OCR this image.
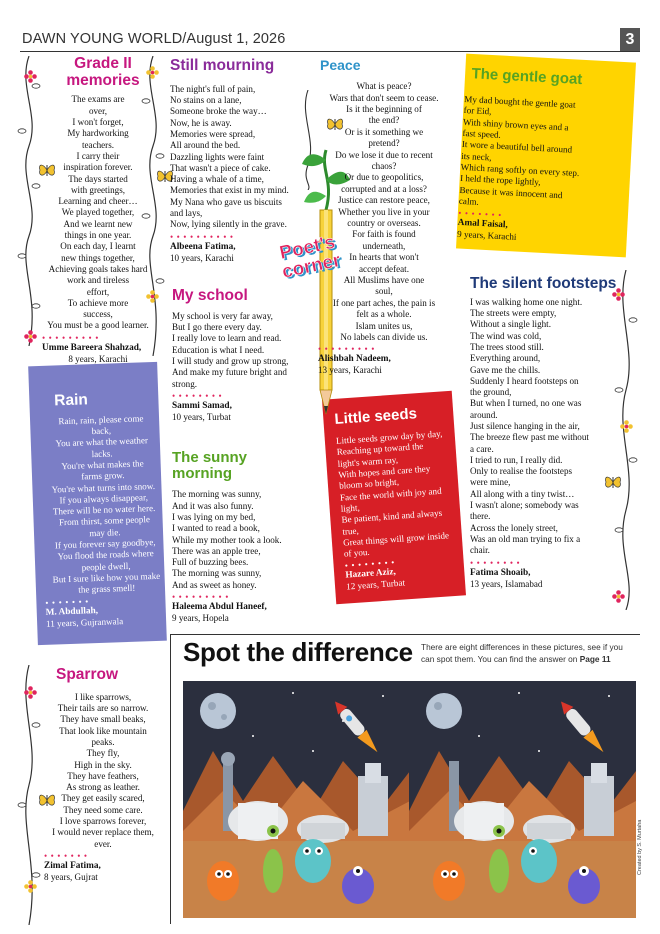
DAWN YOUNG WORLD/August 1, 2026	3
Poet's corner
Grade II memories
The exams are
over,
I won't forget,
My hardworking
teachers.
I carry their
inspiration forever.
The days started
with greetings,
Learning and cheer…
We played together,
And we learnt new
things in one year.
On each day, I learnt
new things together,
Achieving goals takes hard
work and tireless
effort,
To achieve more
success,
You must be a good learner.
•••••••••
Umme Bareera Shahzad,
8 years, Karachi
Still mourning
The night's full of pain,
No stains on a lane,
Someone broke the way…
Now, he is away.
Memories were spread,
All around the bed.
Dazzling lights were faint
That wasn't a piece of cake.
Having a whale of a time,
Memories that exist in my mind.
My Nana who gave us biscuits
and lays,
Now, lying silently in the grave.
••••••••••
Albeena Fatima,
10 years, Karachi
My school
My school is very far away,
But I go there every day.
I really love to learn and read.
Education is what I need.
I will study and grow up strong,
And make my future bright and strong.
••••••••
Sammi Samad,
10 years, Turbat
The sunny morning
The morning was sunny,
And it was also funny.
I was lying on my bed,
I wanted to read a book,
While my mother took a look.
There was an apple tree,
Full of buzzing bees.
The morning was sunny,
And as sweet as honey.
•••••••••
Haleema Abdul Haneef,
9 years, Hopela
Peace
What is peace?
Wars that don't seem to cease.
Is it the beginning of
the end?
Or is it something we
pretend?
Do we lose it due to recent
chaos?
Or due to geopolitics,
corrupted and at a loss?
Justice can restore peace,
Whether you live in your
country or overseas.
For faith is found
underneath,
In hearts that won't
accept defeat.
All Muslims have one
soul,
If one part aches, the pain is
felt as a whole.
Islam unites us,
No labels can divide us.
•••••••••
Alishbah Nadeem,
13 years, Karachi
The gentle goat
My dad bought the gentle goat
for Eid,
With shiny brown eyes and a
fast speed.
It wore a beautiful bell around
its neck,
Which rang softly on every step.
I held the rope lightly,
Because it was innocent and
calm.
•••••••
Amal Faisal,
9 years, Karachi
The silent footsteps
I was walking home one night.
The streets were empty,
Without a single light.
The wind was cold,
The trees stood still.
Everything around,
Gave me the chills.
Suddenly I heard footsteps on
the ground,
But when I turned, no one was
around.
Just silence hanging in the air,
The breeze flew past me without
a care.
I tried to run, I really did.
Only to realise the footsteps
were mine,
All along with a tiny twist…
I wasn't alone; somebody was
there.
Across the lonely street,
Was an old man trying to fix a
chair.
••••••••
Fatima Shoaib,
13 years, Islamabad
Rain
Rain, rain, please come
back,
You are what the weather
lacks.
You're what makes the
farms grow.
You're what turns into snow.
If you always disappear,
There will be no water here.
From thirst, some people
may die.
If you forever say goodbye,
You flood the roads where
people dwell,
But I sure like how you make
the grass smell!
•••••••
M. Abdullah,
11 years, Gujranwala
Little seeds
Little seeds grow day by day,
Reaching up toward the
light's warm ray,
With hopes and care they
bloom so bright,
Face the world with joy and
light,
Be patient, kind and always
true,
Great things will grow inside
of you.
••••••••
Hazare Aziz,
12 years, Turbat
Sparrow
I like sparrows,
Their tails are so narrow.
They have small beaks,
That look like mountain
peaks.
They fly,
High in the sky.
They have feathers,
As strong as leather.
They get easily scared,
They need some care.
I love sparrows forever,
I would never replace them,
ever.
•••••••
Zimal Fatima,
8 years, Gujrat
Spot the difference There are eight differences in these pictures, see if you can spot them. You can find the answer on Page 11
Created by S. Murtaha
